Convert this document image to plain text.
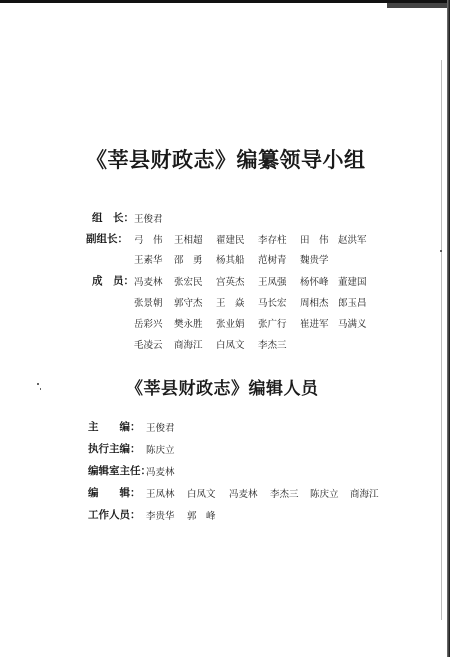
《莘县财政志》编纂领导小组
组　长： 王俊君
副组长： 弓　伟 王相超 翟建民 李存柱 田　伟 赵洪军
王素华 邵　勇 杨其船 范树青 魏贵学
成　员： 冯麦林 张宏民 宫英杰 王凤强 杨怀峰 董建国
张景朝 郭守杰 王　焱 马长宏 周相杰 郎玉昌
岳彩兴 樊永胜 张业娟 张广行 崔进军 马满义
毛凌云 商海江 白凤文 李杰三
《莘县财政志》编辑人员
主　　编： 王俊君
执行主编： 陈庆立
编辑室主任：
冯麦林
编　　辑： 王凤林 白凤文 冯麦林 李杰三 陈庆立 商海江
工作人员： 李贵华 郭　峰
